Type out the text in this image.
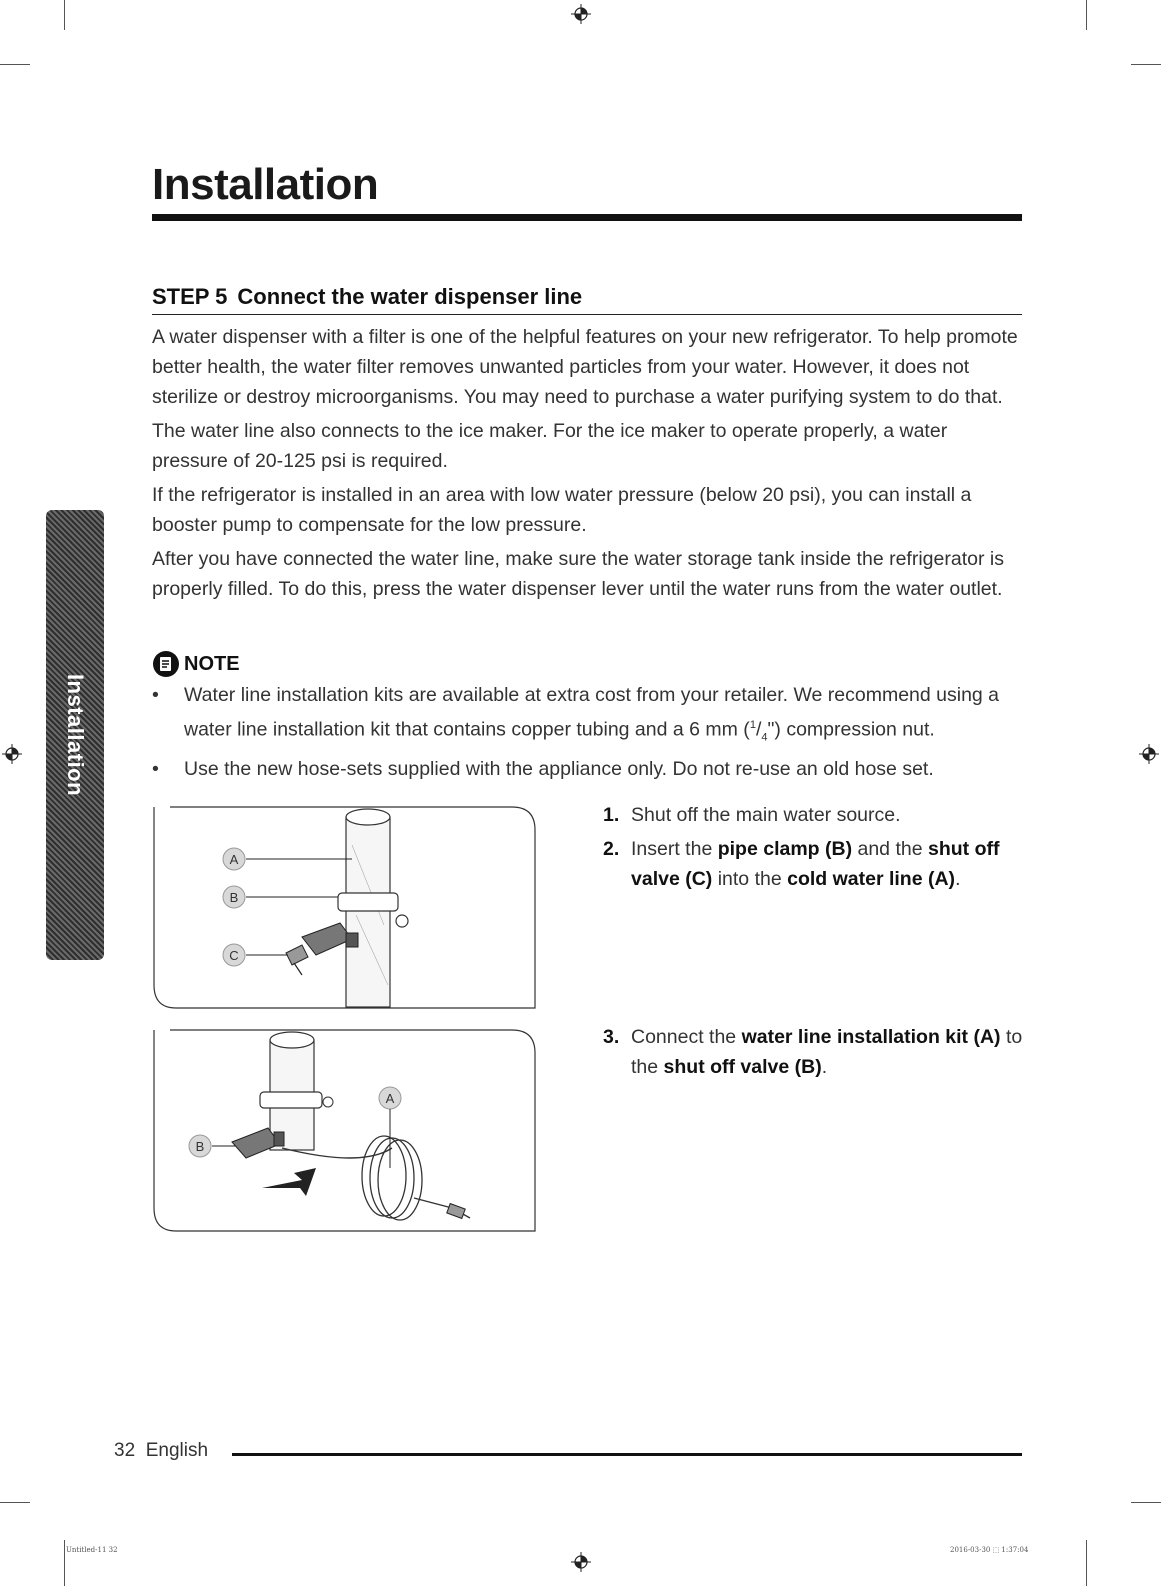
Installation
Installation
STEP 5 Connect the water dispenser line

A water dispenser with a filter is one of the helpful features on your new refrigerator. To help promote better health, the water filter removes unwanted particles from your water. However, it does not sterilize or destroy microorganisms. You may need to purchase a water purifying system to do that.

The water line also connects to the ice maker. For the ice maker to operate properly, a water pressure of 20-125 psi is required.

If the refrigerator is installed in an area with low water pressure (below 20 psi), you can install a booster pump to compensate for the low pressure.

After you have connected the water line, make sure the water storage tank inside the refrigerator is properly filled. To do this, press the water dispenser lever until the water runs from the water outlet.

NOTE
• Water line installation kits are available at extra cost from your retailer. We recommend using a water line installation kit that contains copper tubing and a 6 mm $(^1/_4")$ compression nut.
• Use the new hose-sets supplied with the appliance only. Do not re-use an old hose set.
A
B
C
1. Shut off the main water source.
2. Insert the pipe clamp (B) and the shut off valve (C) into the cold water line (A).
A
B
3. Connect the water line installation kit (A) to the shut off valve (B).
32 English
Untitled-11 32	2016-03-30 ⬚ 1:37:04
